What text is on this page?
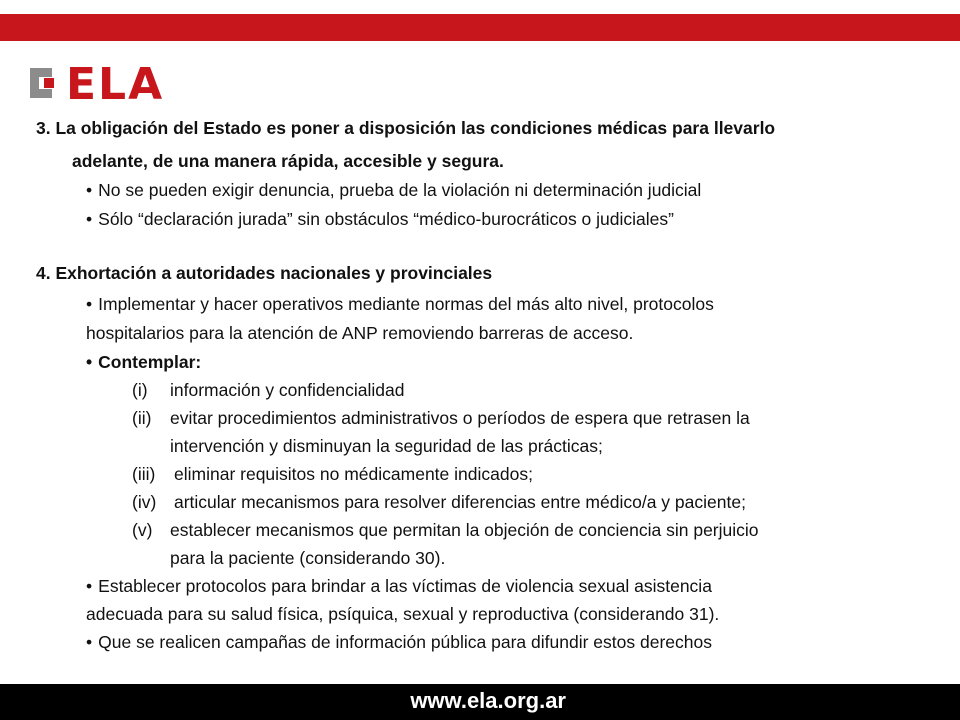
ELA
3. La obligación del Estado es poner a disposición las condiciones médicas para llevarlo
adelante, de una manera rápida, accesible y segura.
• No se pueden exigir denuncia, prueba de la violación ni determinación judicial
• Sólo “declaración jurada” sin obstáculos “médico-burocráticos o judiciales”
4. Exhortación a autoridades nacionales y provinciales
• Implementar y hacer operativos mediante normas del más alto nivel, protocolos
hospitalarios para la atención de ANP removiendo barreras de acceso.
• Contemplar:
(i) información y confidencialidad
(ii) evitar procedimientos administrativos o períodos de espera que retrasen la
intervención y disminuyan la seguridad de las prácticas;
(iii) eliminar requisitos no médicamente indicados;
(iv) articular mecanismos para resolver diferencias entre médico/a y paciente;
(v) establecer mecanismos que permitan la objeción de conciencia sin perjuicio
para la paciente (considerando 30).
• Establecer protocolos para brindar a las víctimas de violencia sexual asistencia
adecuada para su salud física, psíquica, sexual y reproductiva (considerando 31).
• Que se realicen campañas de información pública para difundir estos derechos
www.ela.org.ar
